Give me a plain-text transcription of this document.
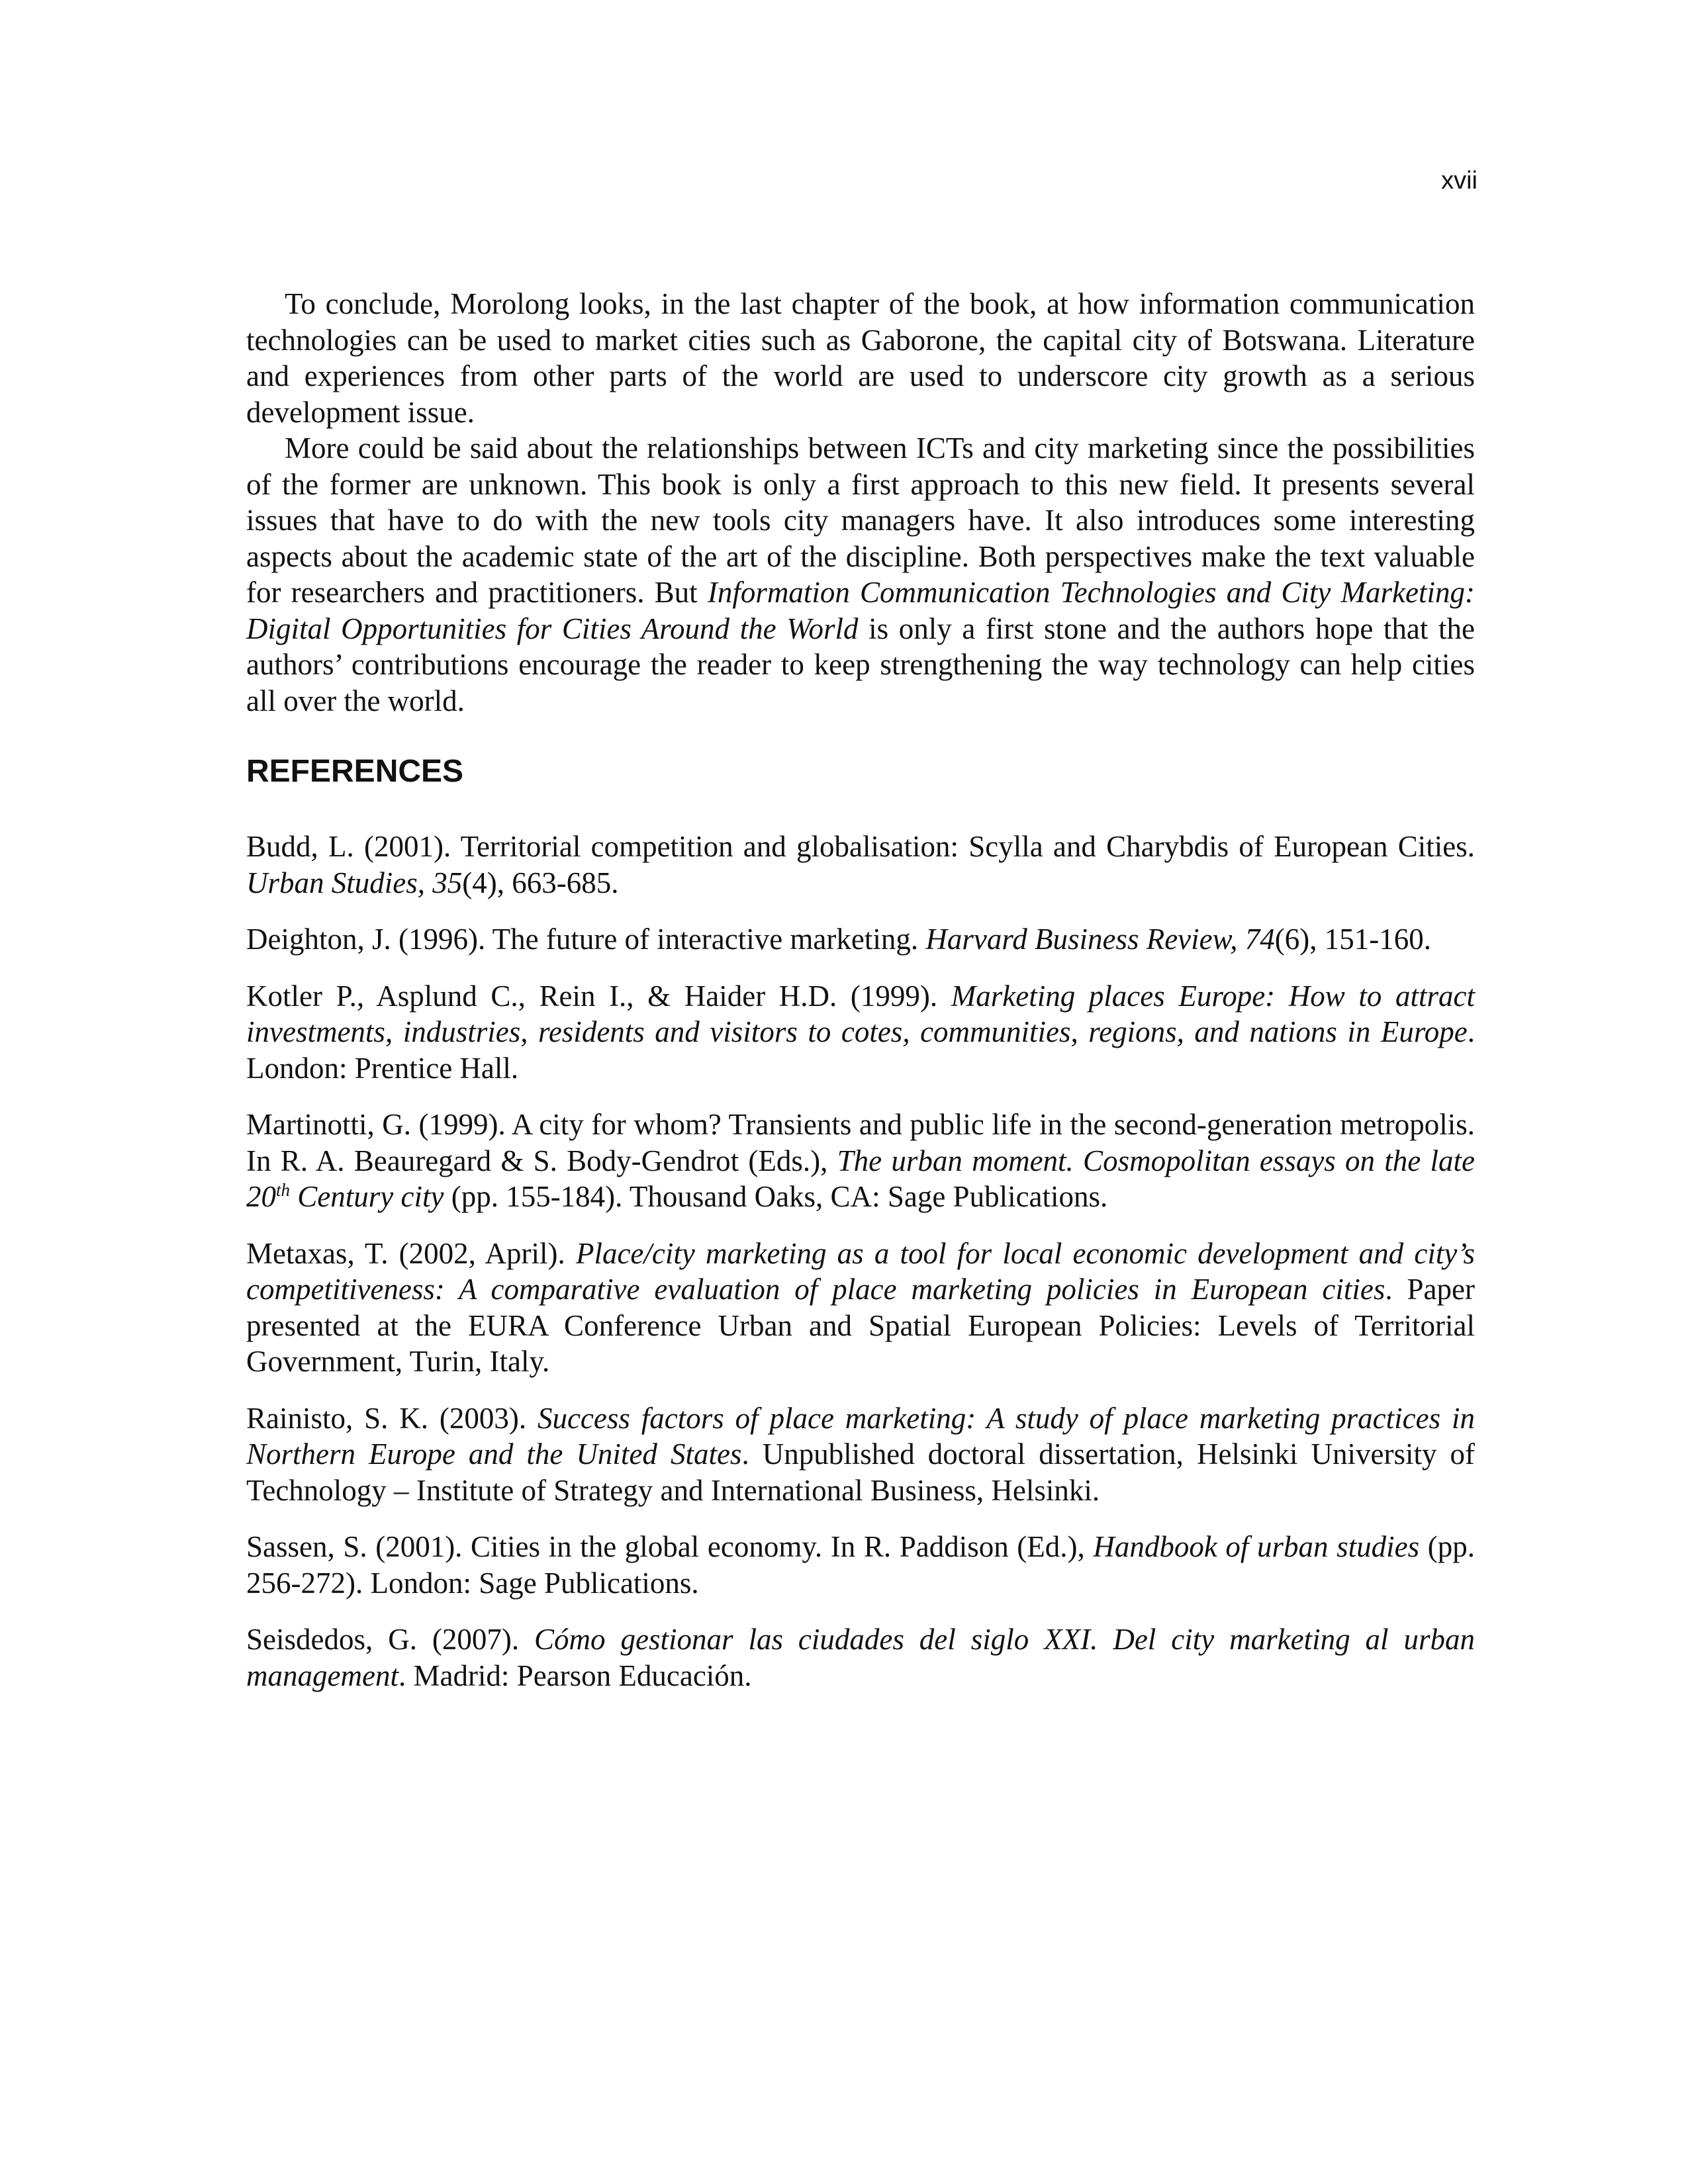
xvii

To conclude, Morolong looks, in the last chapter of the book, at how information communication technologies can be used to market cities such as Gaborone, the capital city of Botswana. Literature and experiences from other parts of the world are used to underscore city growth as a serious development issue.

More could be said about the relationships between ICTs and city marketing since the possibilities of the former are unknown. This book is only a first approach to this new field. It presents several issues that have to do with the new tools city managers have. It also introduces some interesting aspects about the academic state of the art of the discipline. Both perspectives make the text valuable for researchers and practitioners. But Information Communication Technologies and City Marketing: Digital Opportunities for Cities Around the World is only a first stone and the authors hope that the authors’ contributions encourage the reader to keep strengthening the way technology can help cities all over the world.

REFERENCES

Budd, L. (2001). Territorial competition and globalisation: Scylla and Charybdis of European Cities. Urban Studies, 35(4), 663-685.

Deighton, J. (1996). The future of interactive marketing. Harvard Business Review, 74(6), 151-160.

Kotler P., Asplund C., Rein I., & Haider H.D. (1999). Marketing places Europe: How to attract investments, industries, residents and visitors to cotes, communities, regions, and nations in Europe. London: Prentice Hall.

Martinotti, G. (1999). A city for whom? Transients and public life in the second-generation metropolis. In R. A. Beauregard & S. Body-Gendrot (Eds.), The urban moment. Cosmopolitan essays on the late 20th Century city (pp. 155-184). Thousand Oaks, CA: Sage Publications.

Metaxas, T. (2002, April). Place/city marketing as a tool for local economic development and city’s competitiveness: A comparative evaluation of place marketing policies in European cities. Paper presented at the EURA Conference Urban and Spatial European Policies: Levels of Territorial Government, Turin, Italy.

Rainisto, S. K. (2003). Success factors of place marketing: A study of place marketing practices in Northern Europe and the United States. Unpublished doctoral dissertation, Helsinki University of Technology – Institute of Strategy and International Business, Helsinki.

Sassen, S. (2001). Cities in the global economy. In R. Paddison (Ed.), Handbook of urban studies (pp. 256-272). London: Sage Publications.

Seisdedos, G. (2007). Cómo gestionar las ciudades del siglo XXI. Del city marketing al urban management. Madrid: Pearson Educación.
